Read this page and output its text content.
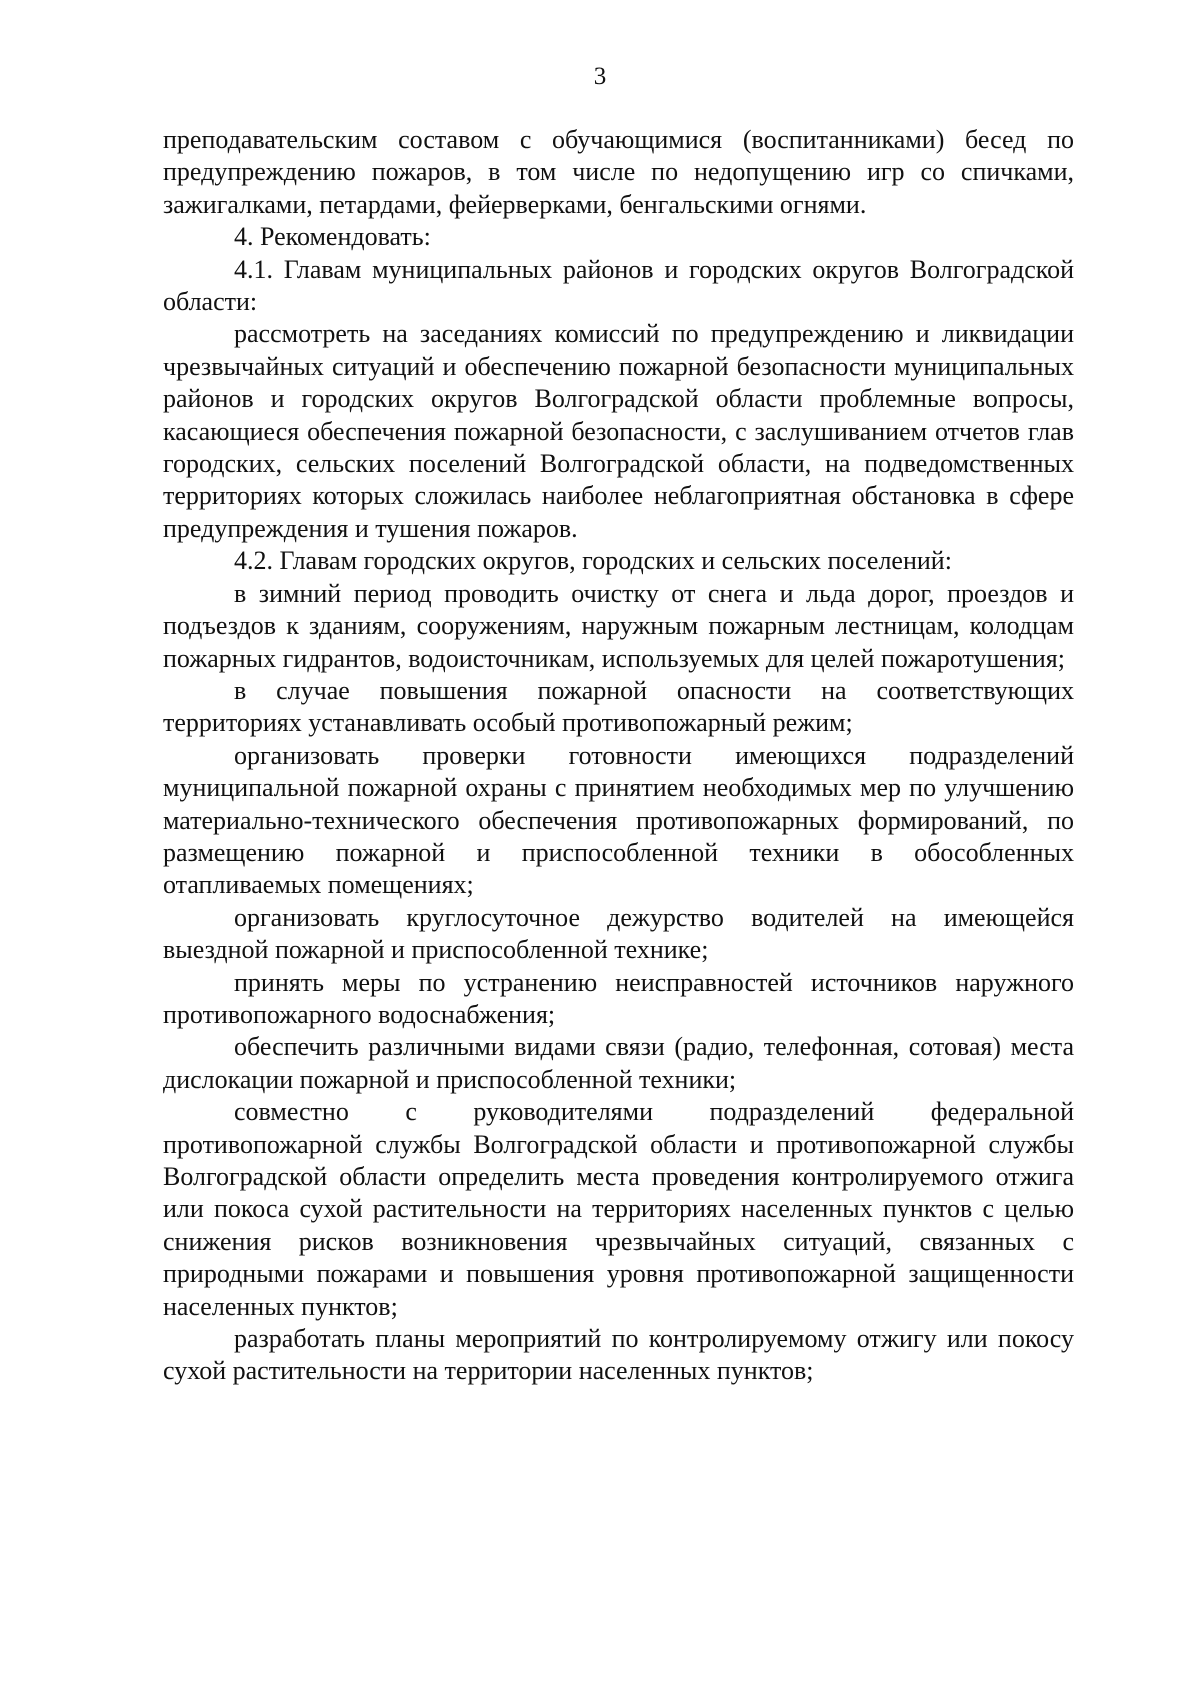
3

преподавательским составом с обучающимися (воспитанниками) бесед по предупреждению пожаров, в том числе по недопущению игр со спичками, зажигалками, петардами, фейерверками, бенгальскими огнями.

4. Рекомендовать:

4.1. Главам муниципальных районов и городских округов Волгоградской области:

рассмотреть на заседаниях комиссий по предупреждению и ликвидации чрезвычайных ситуаций и обеспечению пожарной безопасности муниципальных районов и городских округов Волгоградской области проблемные вопросы, касающиеся обеспечения пожарной безопасности, с заслушиванием отчетов глав городских, сельских поселений Волгоградской области, на подведомственных территориях которых сложилась наиболее неблагоприятная обстановка в сфере предупреждения и тушения пожаров.

4.2. Главам городских округов, городских и сельских поселений:

в зимний период проводить очистку от снега и льда дорог, проездов и подъездов к зданиям, сооружениям, наружным пожарным лестницам, колодцам пожарных гидрантов, водоисточникам, используемых для целей пожаротушения;

в случае повышения пожарной опасности на соответствующих территориях устанавливать особый противопожарный режим;

организовать проверки готовности имеющихся подразделений муниципальной пожарной охраны с принятием необходимых мер по улучшению материально-технического обеспечения противопожарных формирований, по размещению пожарной и приспособленной техники в обособленных отапливаемых помещениях;

организовать круглосуточное дежурство водителей на имеющейся выездной пожарной и приспособленной технике;

принять меры по устранению неисправностей источников наружного противопожарного водоснабжения;

обеспечить различными видами связи (радио, телефонная, сотовая) места дислокации пожарной и приспособленной техники;

совместно с руководителями подразделений федеральной противопожарной службы Волгоградской области и противопожарной службы Волгоградской области определить места проведения контролируемого отжига или покоса сухой растительности на территориях населенных пунктов с целью снижения рисков возникновения чрезвычайных ситуаций, связанных с природными пожарами и повышения уровня противопожарной защищенности населенных пунктов;

разработать планы мероприятий по контролируемому отжигу или покосу сухой растительности на территории населенных пунктов;
